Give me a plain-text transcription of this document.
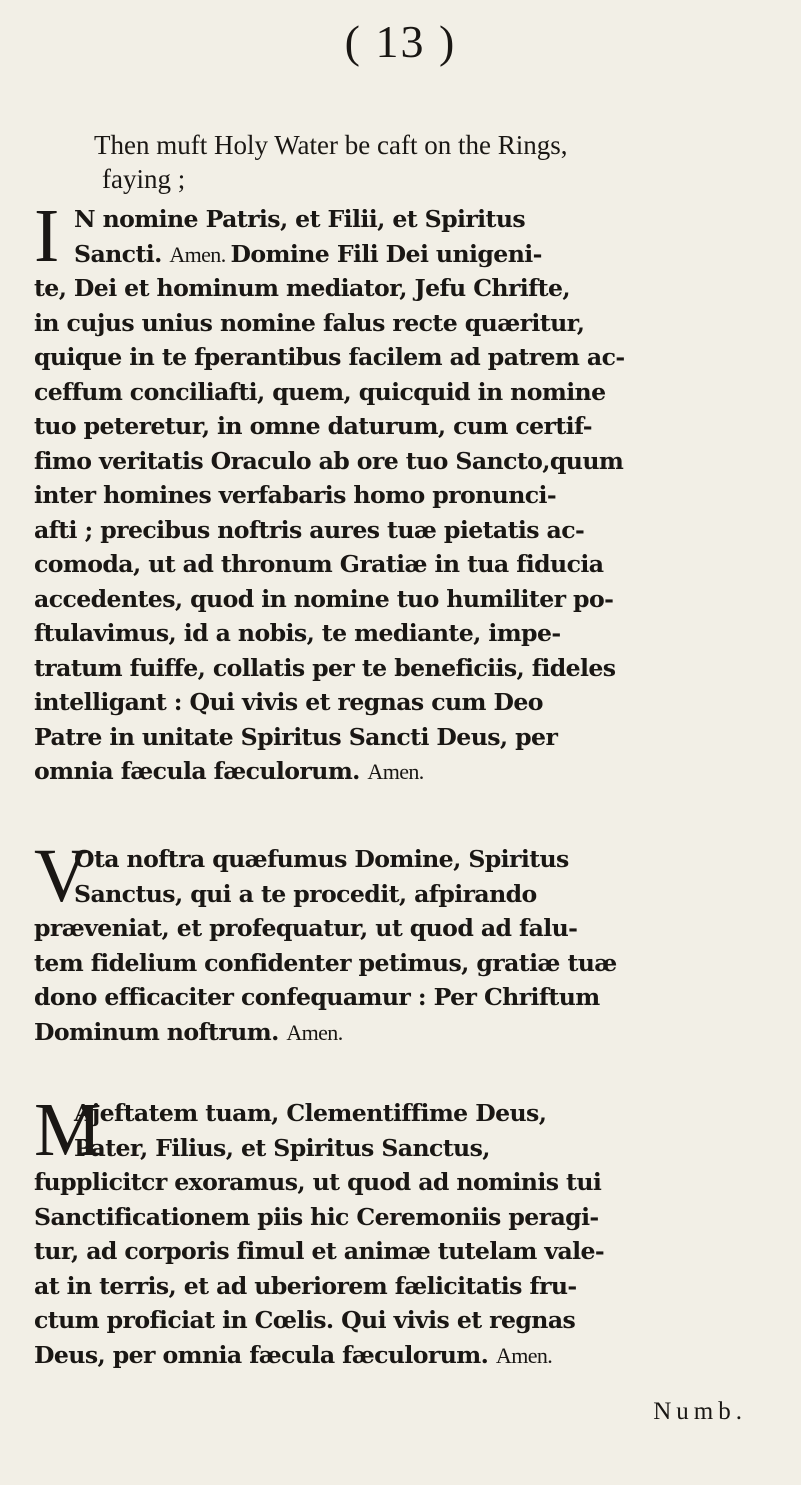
( 13 )
Then muft Holy Water be caft on the Rings,
faying ;
I N nomine Patris, et Filii, et Spiritus
Sancti. Amen. Domine Fili Dei unigeni-
te, Dei et hominum mediator, Jefu Chrifte,
in cujus unius nomine falus recte quæritur,
quique in te fperantibus facilem ad patrem ac-
ceffum conciliafti, quem, quicquid in nomine
tuo peteretur, in omne daturum, cum certif-
fimo veritatis Oraculo ab ore tuo Sancto,quum
inter homines verfabaris homo pronunci-
afti ; precibus noftris aures tuæ pietatis ac-
comoda, ut ad thronum Gratiæ in tua fiducia
accedentes, quod in nomine tuo humiliter po-
ftulavimus, id a nobis, te mediante, impe-
tratum fuiffe, collatis per te beneficiis, fideles
intelligant : Qui vivis et regnas cum Deo
Patre in unitate Spiritus Sancti Deus, per
omnia fæcula fæculorum. Amen.
V
Ota noftra quæfumus Domine, Spiritus
Sanctus, qui a te procedit, afpirando
præveniat, et profequatur, ut quod ad falu-
tem fidelium confidenter petimus, gratiæ tuæ
dono efficaciter confequamur : Per Chriftum
Dominum noftrum. Amen.
M
Ajeftatem tuam, Clementiffime Deus,
Pater, Filius, et Spiritus Sanctus,
fupplicitcr exoramus, ut quod ad nominis tui
Sanctificationem piis hic Ceremoniis peragi-
tur, ad corporis fimul et animæ tutelam vale-
at in terris, et ad uberiorem fælicitatis fru-
ctum proficiat in Cœlis. Qui vivis et regnas
Deus, per omnia fæcula fæculorum. Amen.
Numb.
